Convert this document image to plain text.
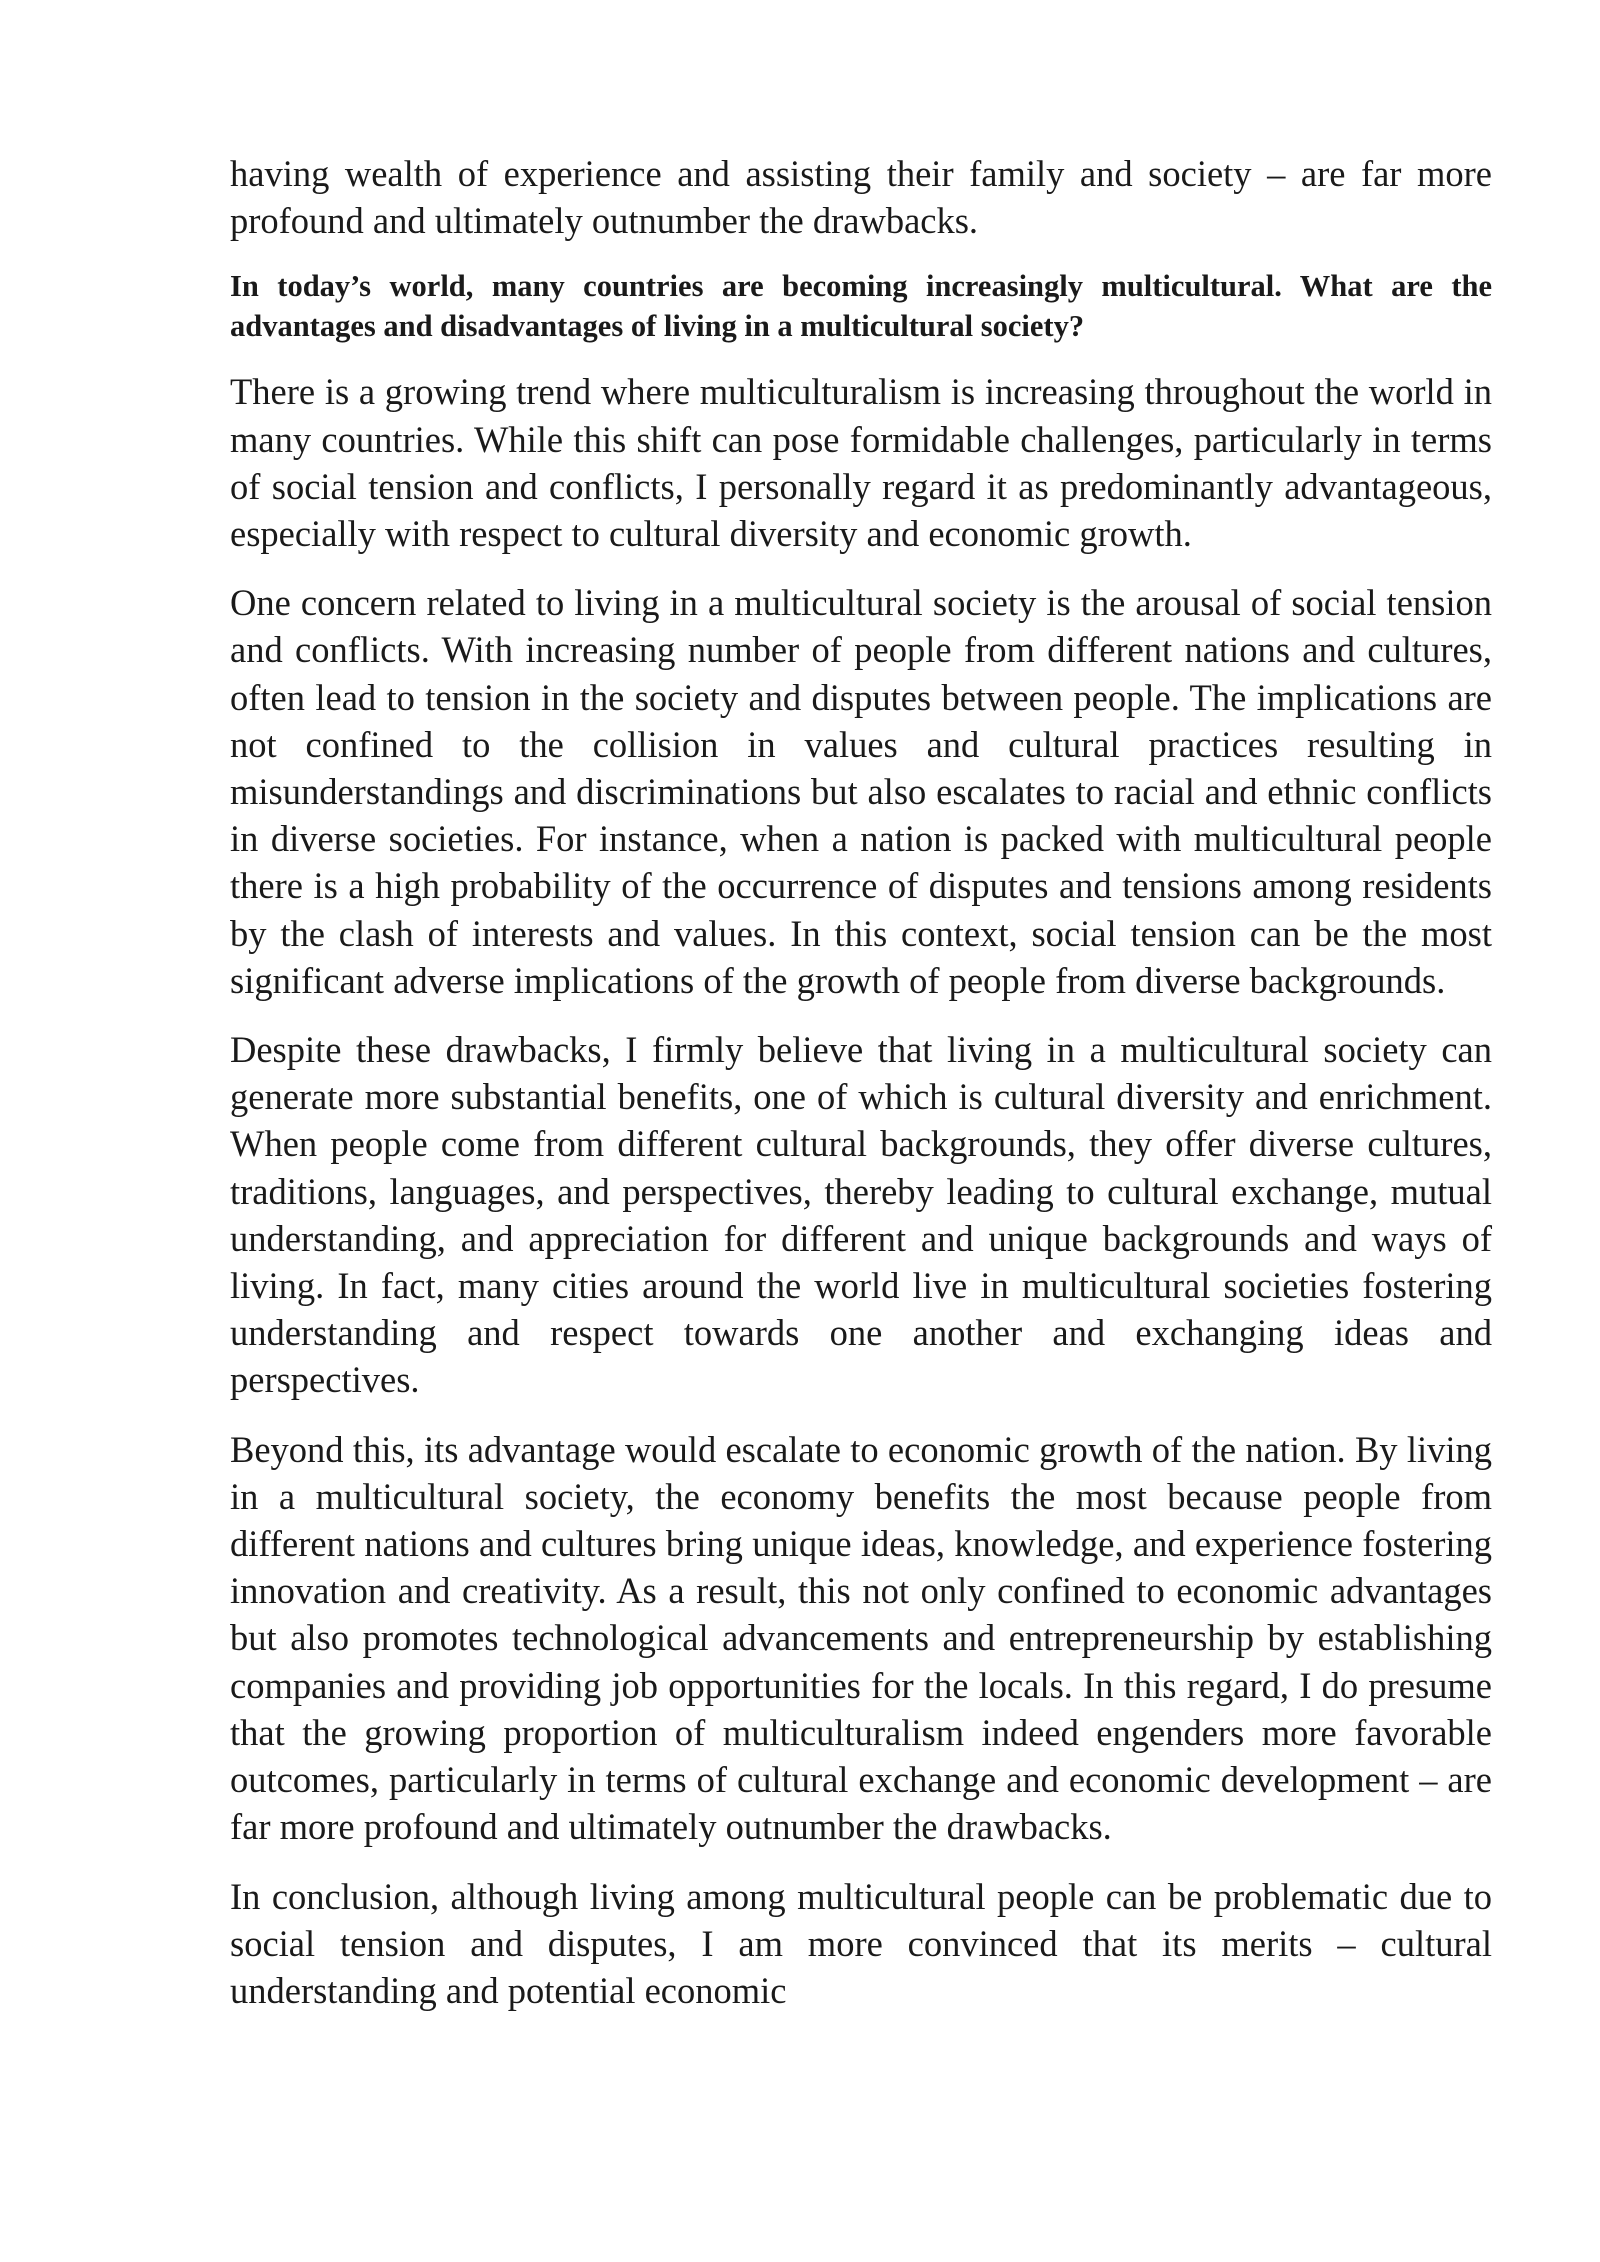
having wealth of experience and assisting their family and society – are far more profound and ultimately outnumber the drawbacks.

In today’s world, many countries are becoming increasingly multicultural. What are the advantages and disadvantages of living in a multicultural society?

There is a growing trend where multiculturalism is increasing throughout the world in many countries. While this shift can pose formidable challenges, particularly in terms of social tension and conflicts, I personally regard it as predominantly advantageous, especially with respect to cultural diversity and economic growth.

One concern related to living in a multicultural society is the arousal of social tension and conflicts. With increasing number of people from different nations and cultures, often lead to tension in the society and disputes between people. The implications are not confined to the collision in values and cultural practices resulting in misunderstandings and discriminations but also escalates to racial and ethnic conflicts in diverse societies. For instance, when a nation is packed with multicultural people there is a high probability of the occurrence of disputes and tensions among residents by the clash of interests and values. In this context, social tension can be the most significant adverse implications of the growth of people from diverse backgrounds.

Despite these drawbacks, I firmly believe that living in a multicultural society can generate more substantial benefits, one of which is cultural diversity and enrichment. When people come from different cultural backgrounds, they offer diverse cultures, traditions, languages, and perspectives, thereby leading to cultural exchange, mutual understanding, and appreciation for different and unique backgrounds and ways of living. In fact, many cities around the world live in multicultural societies fostering understanding and respect towards one another and exchanging ideas and perspectives.

Beyond this, its advantage would escalate to economic growth of the nation. By living in a multicultural society, the economy benefits the most because people from different nations and cultures bring unique ideas, knowledge, and experience fostering innovation and creativity. As a result, this not only confined to economic advantages but also promotes technological advancements and entrepreneurship by establishing companies and providing job opportunities for the locals. In this regard, I do presume that the growing proportion of multiculturalism indeed engenders more favorable outcomes, particularly in terms of cultural exchange and economic development – are far more profound and ultimately outnumber the drawbacks.

In conclusion, although living among multicultural people can be problematic due to social tension and disputes, I am more convinced that its merits – cultural understanding and potential economic
